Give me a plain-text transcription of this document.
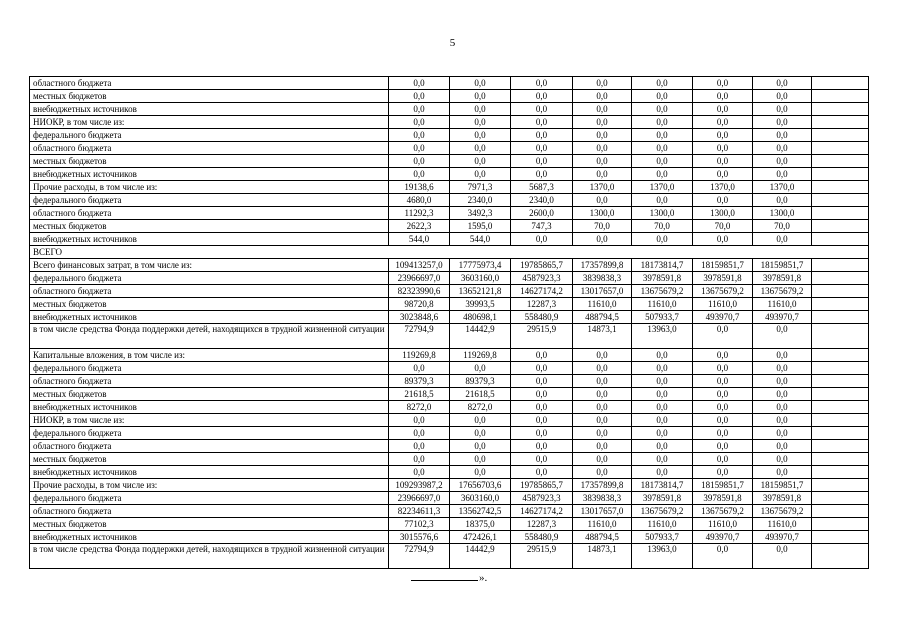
5
областного бюджета	0,0	0,0	0,0	0,0	0,0	0,0	0,0	
местных бюджетов	0,0	0,0	0,0	0,0	0,0	0,0	0,0	
внебюджетных источников	0,0	0,0	0,0	0,0	0,0	0,0	0,0	
НИОКР, в том числе из:	0,0	0,0	0,0	0,0	0,0	0,0	0,0	
федерального бюджета	0,0	0,0	0,0	0,0	0,0	0,0	0,0	
областного бюджета	0,0	0,0	0,0	0,0	0,0	0,0	0,0	
местных бюджетов	0,0	0,0	0,0	0,0	0,0	0,0	0,0	
внебюджетных источников	0,0	0,0	0,0	0,0	0,0	0,0	0,0	
Прочие расходы, в том числе из:	19138,6	7971,3	5687,3	1370,0	1370,0	1370,0	1370,0	
федерального бюджета	4680,0	2340,0	2340,0	0,0	0,0	0,0	0,0	
областного бюджета	11292,3	3492,3	2600,0	1300,0	1300,0	1300,0	1300,0	
местных бюджетов	2622,3	1595,0	747,3	70,0	70,0	70,0	70,0	
внебюджетных источников	544,0	544,0	0,0	0,0	0,0	0,0	0,0	
ВСЕГО								
Всего финансовых затрат, в том числе из:	109413257,0	17775973,4	19785865,7	17357899,8	18173814,7	18159851,7	18159851,7	
федерального бюджета	23966697,0	3603160,0	4587923,3	3839838,3	3978591,8	3978591,8	3978591,8	
областного бюджета	82323990,6	13652121,8	14627174,2	13017657,0	13675679,2	13675679,2	13675679,2	
местных бюджетов	98720,8	39993,5	12287,3	11610,0	11610,0	11610,0	11610,0	
внебюджетных источников	3023848,6	480698,1	558480,9	488794,5	507933,7	493970,7	493970,7	
в том числе средства Фонда поддержки детей, находящихся в трудной жизненной ситуации	72794,9	14442,9	29515,9	14873,1	13963,0	0,0	0,0	
Капитальные вложения, в том числе из:	119269,8	119269,8	0,0	0,0	0,0	0,0	0,0	
федерального бюджета	0,0	0,0	0,0	0,0	0,0	0,0	0,0	
областного бюджета	89379,3	89379,3	0,0	0,0	0,0	0,0	0,0	
местных бюджетов	21618,5	21618,5	0,0	0,0	0,0	0,0	0,0	
внебюджетных источников	8272,0	8272,0	0,0	0,0	0,0	0,0	0,0	
НИОКР, в том числе из:	0,0	0,0	0,0	0,0	0,0	0,0	0,0	
федерального бюджета	0,0	0,0	0,0	0,0	0,0	0,0	0,0	
областного бюджета	0,0	0,0	0,0	0,0	0,0	0,0	0,0	
местных бюджетов	0,0	0,0	0,0	0,0	0,0	0,0	0,0	
внебюджетных источников	0,0	0,0	0,0	0,0	0,0	0,0	0,0	
Прочие расходы, в том числе из:	109293987,2	17656703,6	19785865,7	17357899,8	18173814,7	18159851,7	18159851,7	
федерального бюджета	23966697,0	3603160,0	4587923,3	3839838,3	3978591,8	3978591,8	3978591,8	
областного бюджета	82234611,3	13562742,5	14627174,2	13017657,0	13675679,2	13675679,2	13675679,2	
местных бюджетов	77102,3	18375,0	12287,3	11610,0	11610,0	11610,0	11610,0	
внебюджетных источников	3015576,6	472426,1	558480,9	488794,5	507933,7	493970,7	493970,7	
в том числе средства Фонда поддержки детей, находящихся в трудной жизненной ситуации	72794,9	14442,9	29515,9	14873,1	13963,0	0,0	0,0	
».
